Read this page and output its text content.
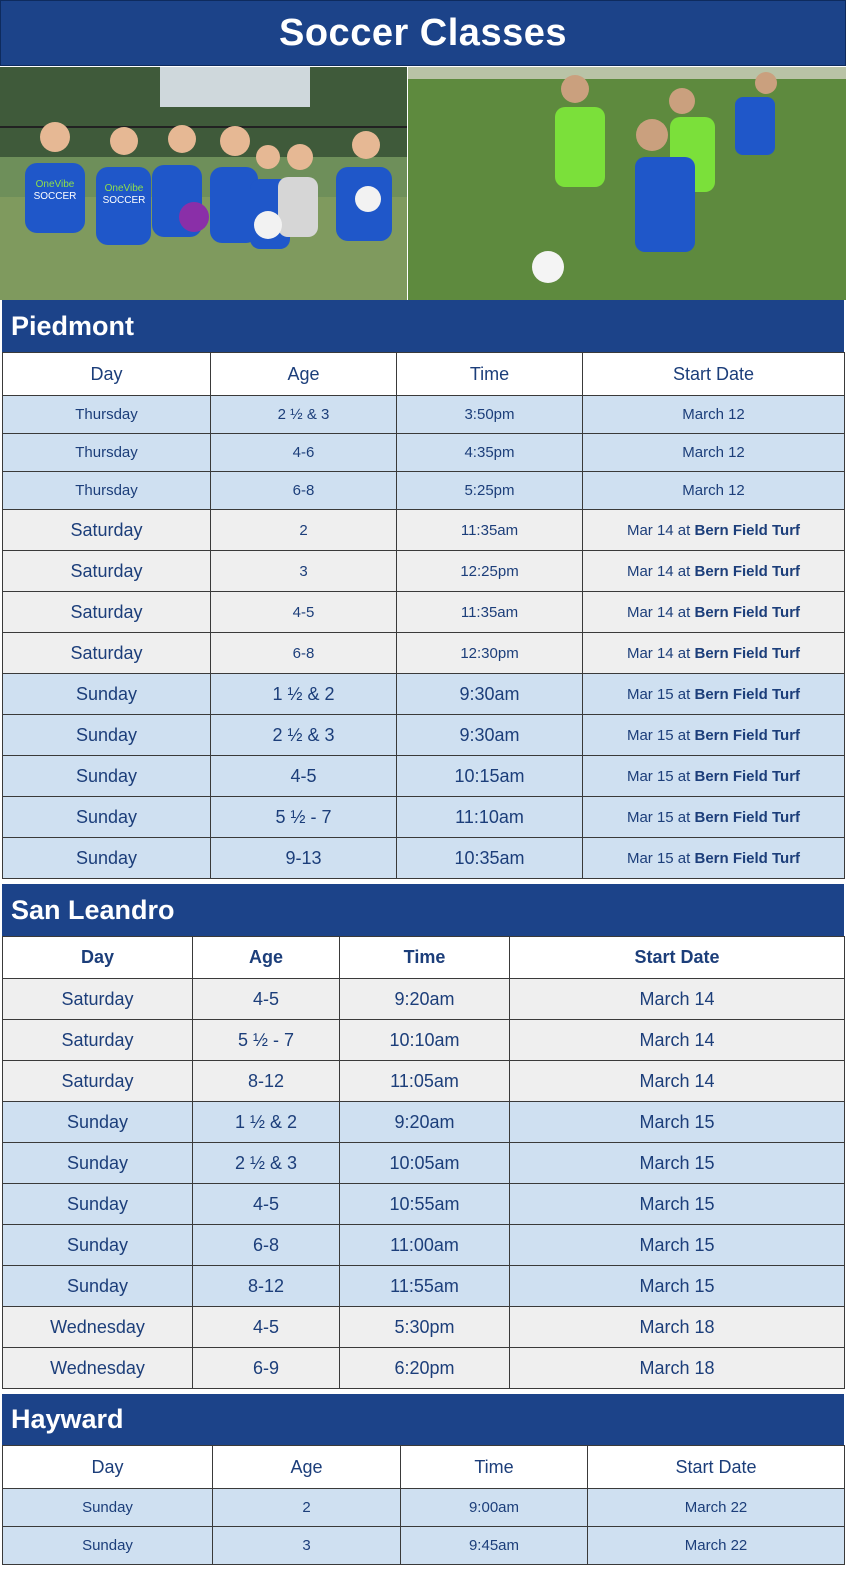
Soccer Classes
OneVibe
SOCCER
OneVibe
SOCCER
Piedmont
Day	Age	Time	Start Date
Thursday	2 ½ & 3	3:50pm	March 12
Thursday	4-6	4:35pm	March 12
Thursday	6-8	5:25pm	March 12
Saturday	2	11:35am	Mar 14 at Bern Field Turf
Saturday	3	12:25pm	Mar 14 at Bern Field Turf
Saturday	4-5	11:35am	Mar 14 at Bern Field Turf
Saturday	6-8	12:30pm	Mar 14 at Bern Field Turf
Sunday	1 ½ & 2	9:30am	Mar 15 at Bern Field Turf
Sunday	2 ½ & 3	9:30am	Mar 15 at Bern Field Turf
Sunday	4-5	10:15am	Mar 15 at Bern Field Turf
Sunday	5 ½ - 7	11:10am	Mar 15 at Bern Field Turf
Sunday	9-13	10:35am	Mar 15 at Bern Field Turf
San Leandro
Day	Age	Time	Start Date
Saturday	4-5	9:20am	March 14
Saturday	5 ½ - 7	10:10am	March 14
Saturday	8-12	11:05am	March 14
Sunday	1 ½ & 2	9:20am	March 15
Sunday	2 ½ & 3	10:05am	March 15
Sunday	4-5	10:55am	March 15
Sunday	6-8	11:00am	March 15
Sunday	8-12	11:55am	March 15
Wednesday	4-5	5:30pm	March 18
Wednesday	6-9	6:20pm	March 18
Hayward
Day	Age	Time	Start Date
Sunday	2	9:00am	March 22
Sunday	3	9:45am	March 22
